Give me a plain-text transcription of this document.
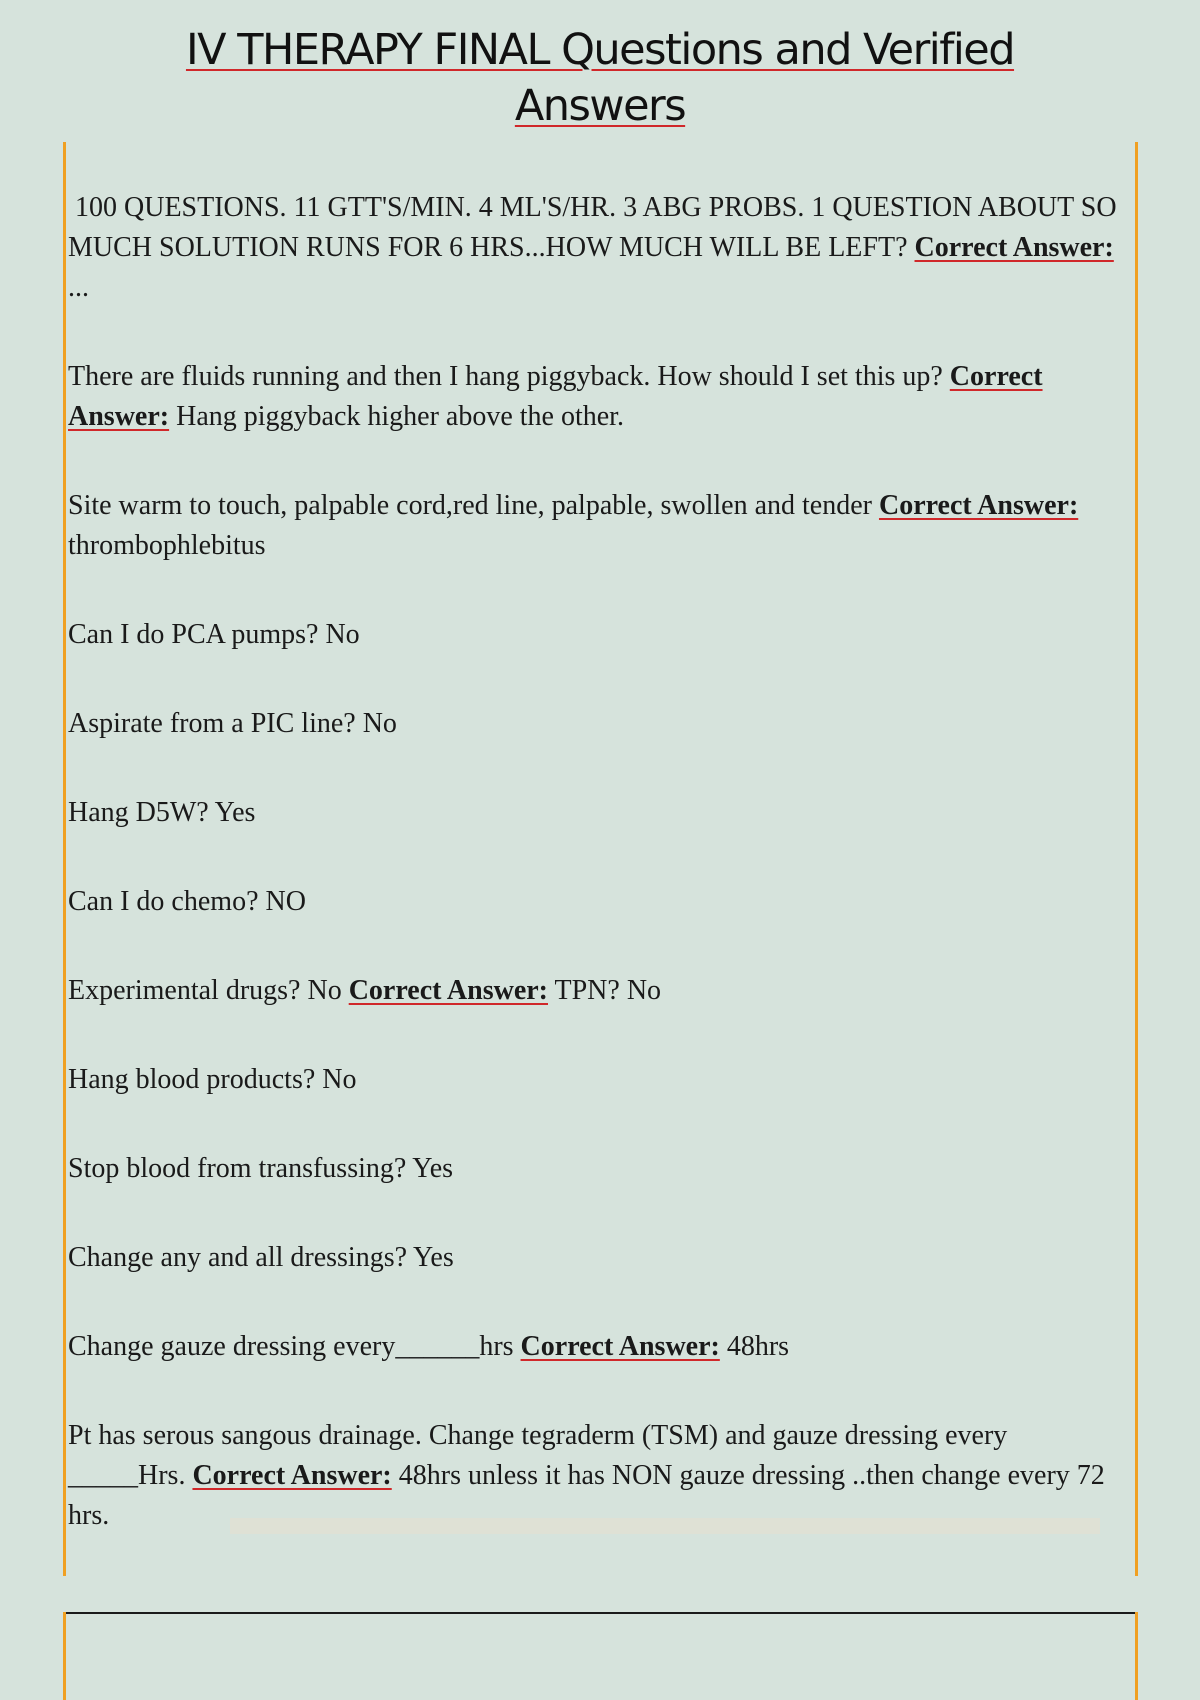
IV THERAPY FINAL Questions and Verified
Answers

100 QUESTIONS. 11 GTT'S/MIN. 4 ML'S/HR. 3 ABG PROBS. 1 QUESTION ABOUT SO MUCH SOLUTION RUNS FOR 6 HRS...HOW MUCH WILL BE LEFT? Correct Answer: ...

There are fluids running and then I hang piggyback. How should I set this up? Correct Answer: Hang piggyback higher above the other.

Site warm to touch, palpable cord,red line, palpable, swollen and tender Correct Answer: thrombophlebitus

Can I do PCA pumps? No

Aspirate from a PIC line? No

Hang D5W? Yes

Can I do chemo? NO

Experimental drugs? No Correct Answer: TPN? No

Hang blood products? No

Stop blood from transfussing? Yes

Change any and all dressings? Yes

Change gauze dressing every______hrs Correct Answer: 48hrs

Pt has serous sangous drainage. Change tegraderm (TSM) and gauze dressing every _____Hrs. Correct Answer: 48hrs unless it has NON gauze dressing ..then change every 72 hrs.
